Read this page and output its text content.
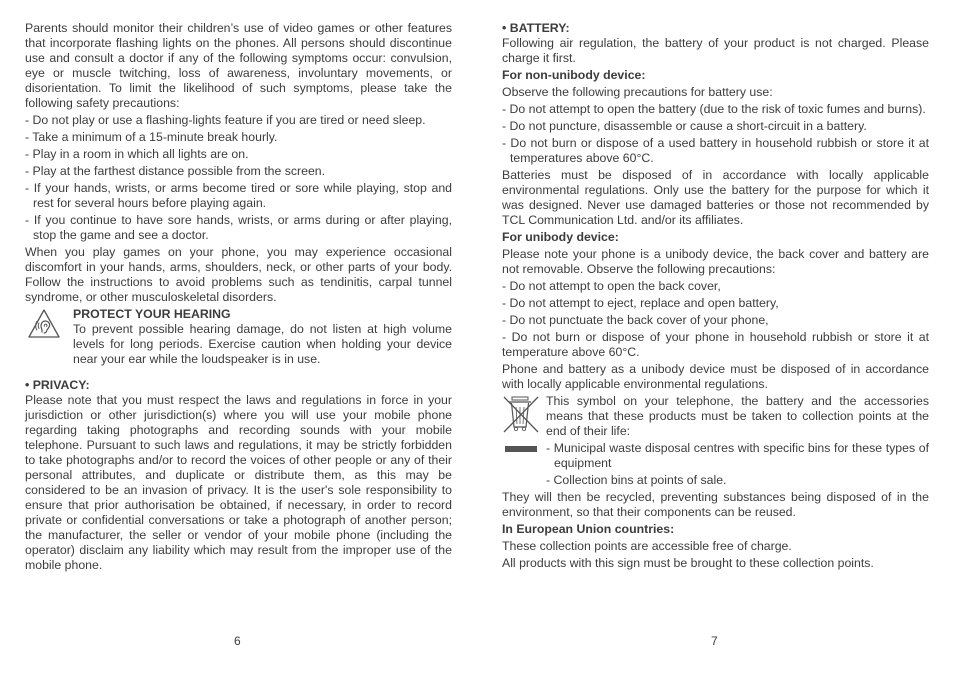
Parents should monitor their children’s use of video games or other features that incorporate flashing lights on the phones. All persons should discontinue use and consult a doctor if any of the following symptoms occur: convulsion, eye or muscle twitching, loss of awareness, involuntary movements, or disorientation. To limit the likelihood of such symptoms, please take the following safety precautions:

- Do not play or use a flashing-lights feature if you are tired or need sleep.
- Take a minimum of a 15-minute break hourly.
- Play in a room in which all lights are on.
- Play at the farthest distance possible from the screen.
- If your hands, wrists, or arms become tired or sore while playing, stop and rest for several hours before playing again.
- If you continue to have sore hands, wrists, or arms during or after playing, stop the game and see a doctor.

When you play games on your phone, you may experience occasional discomfort in your hands, arms, shoulders, neck, or other parts of your body. Follow the instructions to avoid problems such as tendinitis, carpal tunnel syndrome, or other musculoskeletal disorders.

PROTECT YOUR HEARING

To prevent possible hearing damage, do not listen at high volume levels for long periods. Exercise caution when holding your device near your ear while the loudspeaker is in use.

• PRIVACY:

Please note that you must respect the laws and regulations in force in your jurisdiction or other jurisdiction(s) where you will use your mobile phone regarding taking photographs and recording sounds with your mobile telephone. Pursuant to such laws and regulations, it may be strictly forbidden to take photographs and/or to record the voices of other people or any of their personal attributes, and duplicate or distribute them, as this may be considered to be an invasion of privacy. It is the user's sole responsibility to ensure that prior authorisation be obtained, if necessary, in order to record private or confidential conversations or take a photograph of another person; the manufacturer, the seller or vendor of your mobile phone (including the operator) disclaim any liability which may result from the improper use of the mobile phone.

• BATTERY:

Following air regulation, the battery of your product is not charged. Please charge it first.

For non-unibody device:

Observe the following precautions for battery use:

- Do not attempt to open the battery (due to the risk of toxic fumes and burns).
- Do not puncture, disassemble or cause a short-circuit in a battery.
- Do not burn or dispose of a used battery in household rubbish or store it at temperatures above 60°C.

Batteries must be disposed of in accordance with locally applicable environmental regulations. Only use the battery for the purpose for which it was designed. Never use damaged batteries or those not recommended by TCL Communication Ltd. and/or its affiliates.

For unibody device:

Please note your phone is a unibody device, the back cover and battery are not removable. Observe the following precautions:

- Do not attempt to open the back cover,
- Do not attempt to eject, replace and open battery,
- Do not punctuate the back cover of your phone,

- Do not burn or dispose of your phone in household rubbish or store it at temperature above 60°C.

Phone and battery as a unibody device must be disposed of in accordance with locally applicable environmental regulations.

This symbol on your telephone, the battery and the accessories means that these products must be taken to collection points at the end of their life:

- Municipal waste disposal centres with specific bins for these types of equipment
- Collection bins at points of sale.

They will then be recycled, preventing substances being disposed of in the environment, so that their components can be reused.

In European Union countries:

These collection points are accessible free of charge.

All products with this sign must be brought to these collection points.

6	7
